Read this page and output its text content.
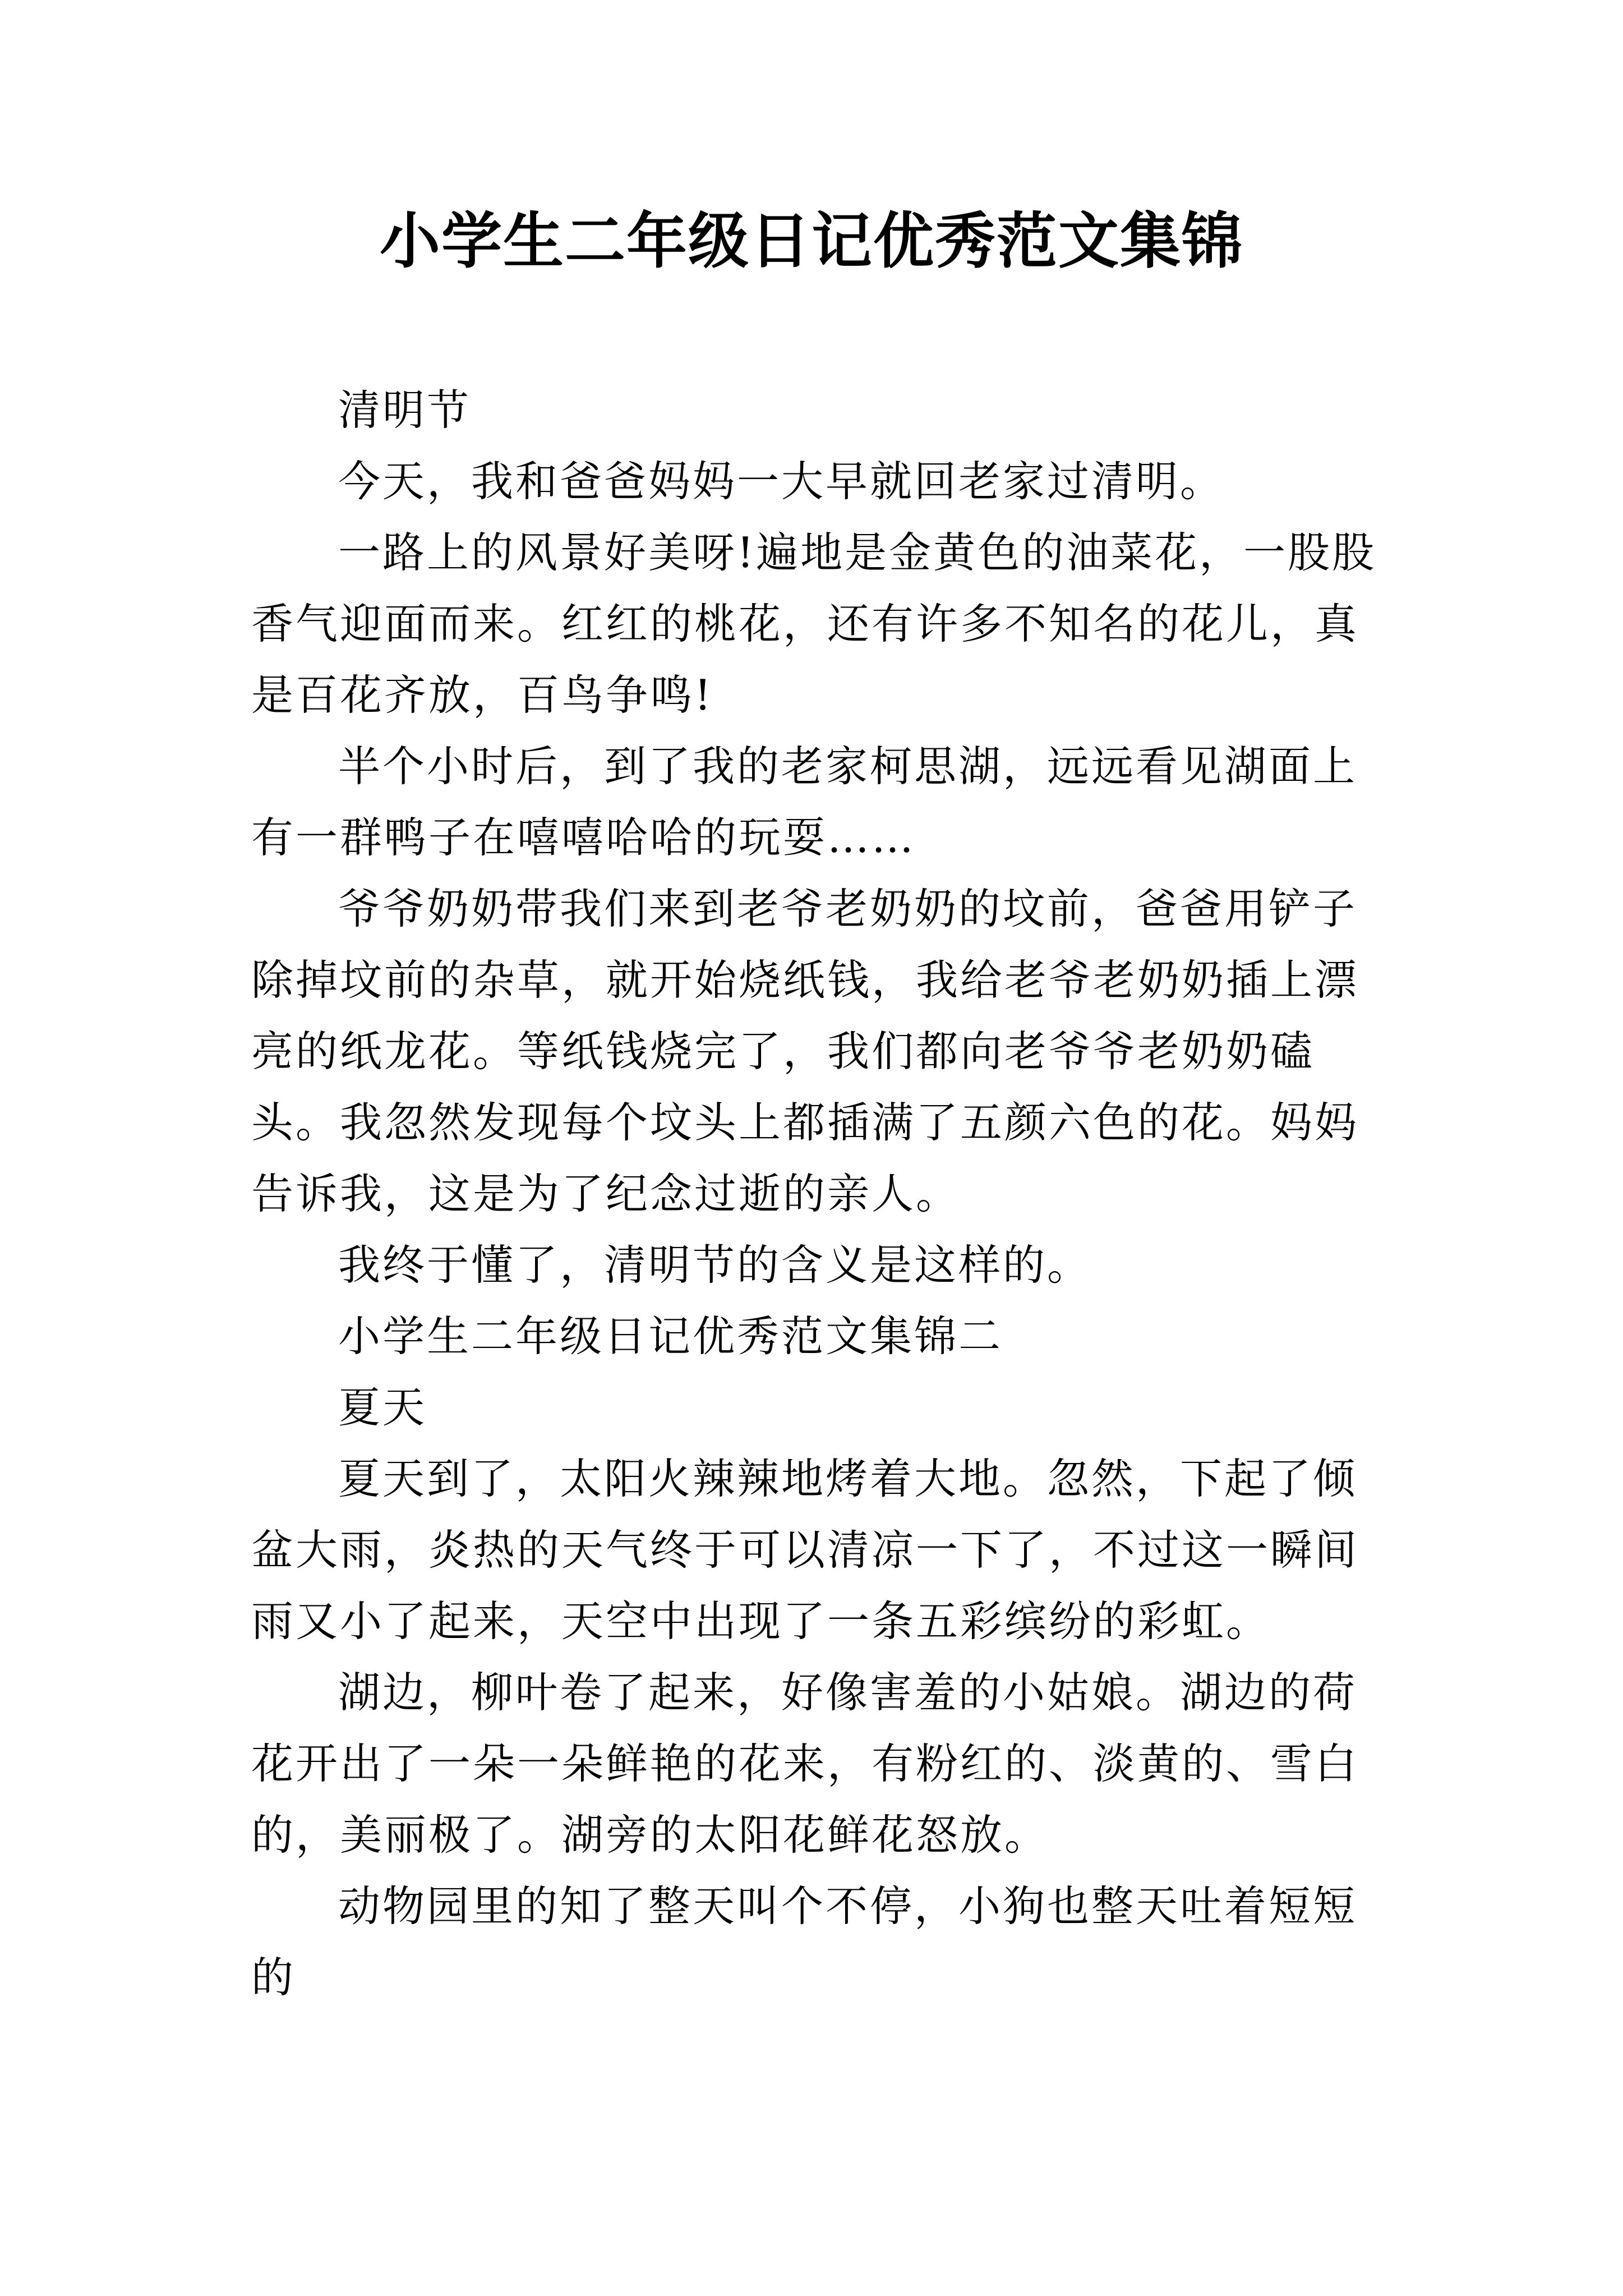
小学生二年级日记优秀范文集锦

清明节

今天，我和爸爸妈妈一大早就回老家过清明。

一路上的风景好美呀!遍地是金黄色的油菜花，一股股香气迎面而来。红红的桃花，还有许多不知名的花儿，真是百花齐放，百鸟争鸣!

半个小时后，到了我的老家柯思湖，远远看见湖面上有一群鸭子在嘻嘻哈哈的玩耍……

爷爷奶奶带我们来到老爷老奶奶的坟前，爸爸用铲子除掉坟前的杂草，就开始烧纸钱，我给老爷老奶奶插上漂亮的纸龙花。等纸钱烧完了，我们都向老爷爷老奶奶磕头。我忽然发现每个坟头上都插满了五颜六色的花。妈妈告诉我，这是为了纪念过逝的亲人。

我终于懂了，清明节的含义是这样的。

小学生二年级日记优秀范文集锦二

夏天

夏天到了，太阳火辣辣地烤着大地。忽然，下起了倾盆大雨，炎热的天气终于可以清凉一下了，不过这一瞬间雨又小了起来，天空中出现了一条五彩缤纷的彩虹。

湖边，柳叶卷了起来，好像害羞的小姑娘。湖边的荷花开出了一朵一朵鲜艳的花来，有粉红的、淡黄的、雪白的，美丽极了。湖旁的太阳花鲜花怒放。

动物园里的知了整天叫个不停，小狗也整天吐着短短的
